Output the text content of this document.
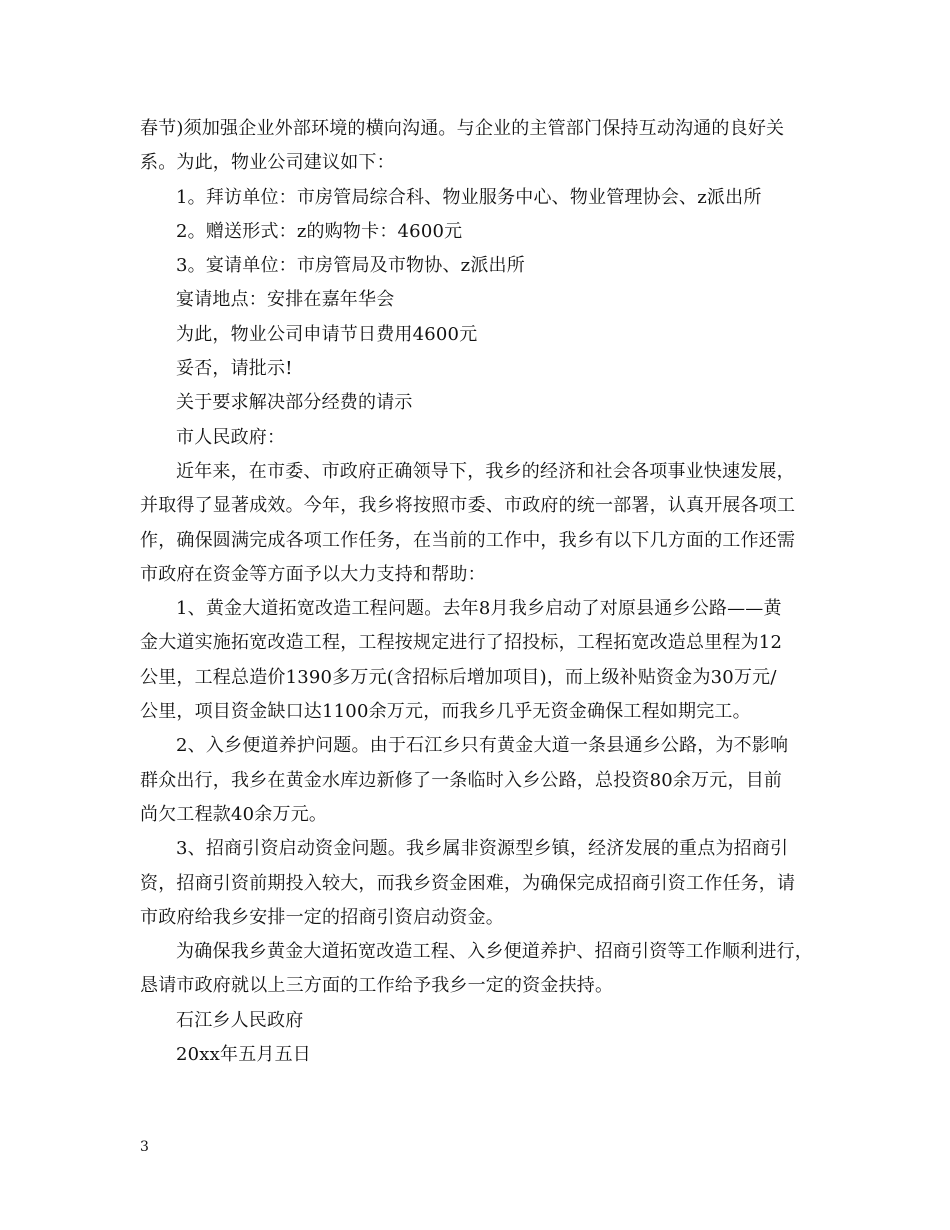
春节)须加强企业外部环境的横向沟通。与企业的主管部门保持互动沟通的良好关
系。为此，物业公司建议如下：
1。拜访单位：市房管局综合科、物业服务中心、物业管理协会、z派出所
2。赠送形式：z的购物卡：4600元
3。宴请单位：市房管局及市物协、z派出所
宴请地点：安排在嘉年华会
为此，物业公司申请节日费用4600元
妥否，请批示!
关于要求解决部分经费的请示
市人民政府：
近年来，在市委、市政府正确领导下，我乡的经济和社会各项事业快速发展，
并取得了显著成效。今年，我乡将按照市委、市政府的统一部署，认真开展各项工
作，确保圆满完成各项工作任务，在当前的工作中，我乡有以下几方面的工作还需
市政府在资金等方面予以大力支持和帮助：
1、黄金大道拓宽改造工程问题。去年8月我乡启动了对原县通乡公路——黄
金大道实施拓宽改造工程，工程按规定进行了招投标，工程拓宽改造总里程为12
公里，工程总造价1390多万元(含招标后增加项目)，而上级补贴资金为30万元/
公里，项目资金缺口达1100余万元，而我乡几乎无资金确保工程如期完工。
2、入乡便道养护问题。由于石江乡只有黄金大道一条县通乡公路，为不影响
群众出行，我乡在黄金水库边新修了一条临时入乡公路，总投资80余万元，目前
尚欠工程款40余万元。
3、招商引资启动资金问题。我乡属非资源型乡镇，经济发展的重点为招商引
资，招商引资前期投入较大，而我乡资金困难，为确保完成招商引资工作任务，请
市政府给我乡安排一定的招商引资启动资金。
为确保我乡黄金大道拓宽改造工程、入乡便道养护、招商引资等工作顺利进行，
恳请市政府就以上三方面的工作给予我乡一定的资金扶持。
石江乡人民政府
20xx年五月五日
3
